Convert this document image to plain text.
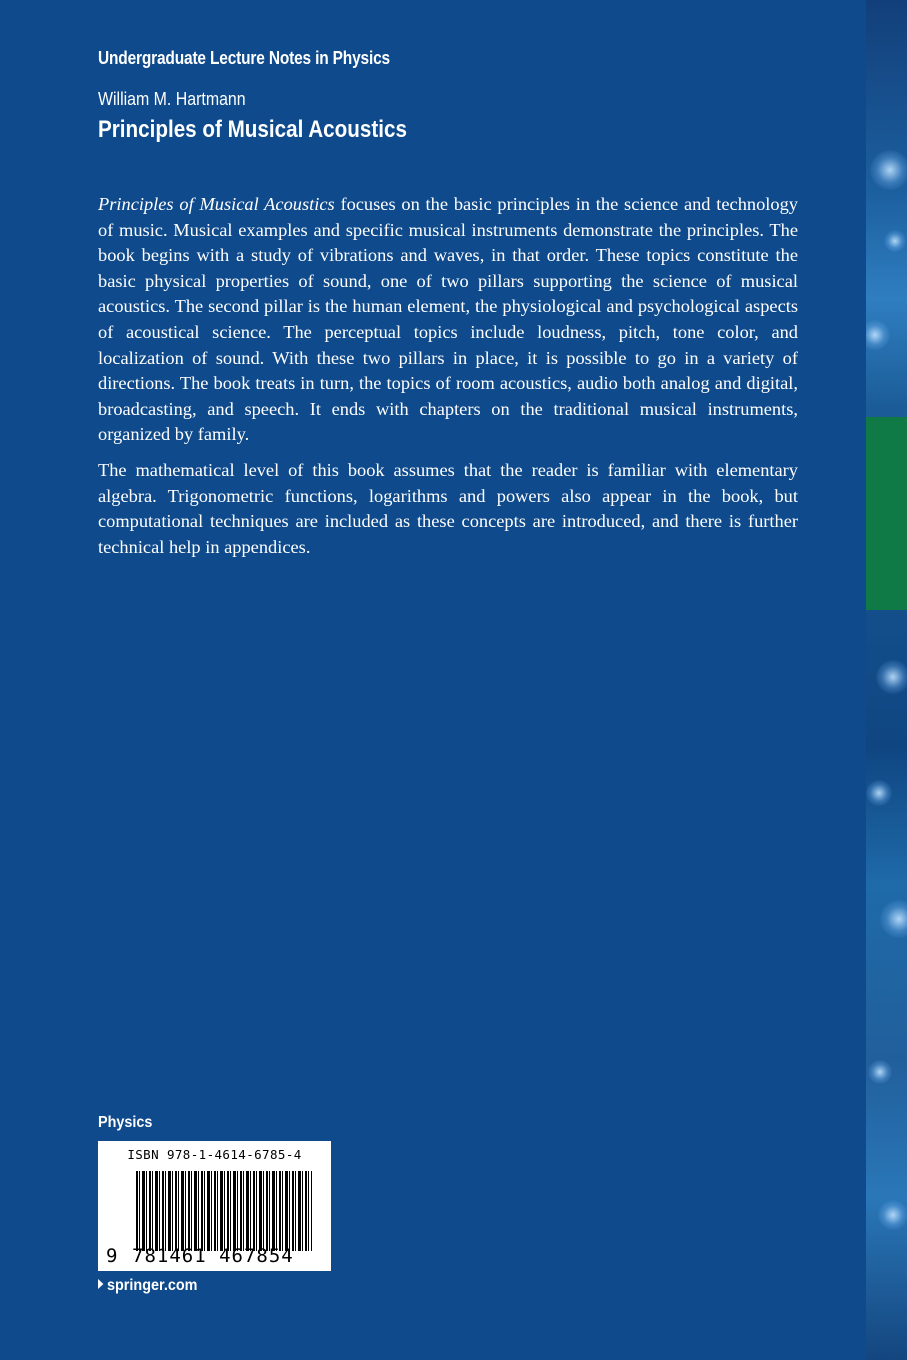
Undergraduate Lecture Notes in Physics
William M. Hartmann
Principles of Musical Acoustics

Principles of Musical Acoustics focuses on the basic principles in the science and technology of music. Musical examples and specific musical instruments demonstrate the principles. The book begins with a study of vibrations and waves, in that order. These topics constitute the basic physical properties of sound, one of two pillars supporting the science of musical acoustics. The second pillar is the human element, the physiological and psychological aspects of acoustical science. The perceptual topics include loudness, pitch, tone color, and localization of sound. With these two pillars in place, it is possible to go in a variety of directions. The book treats in turn, the topics of room acoustics, audio both analog and digital, broadcasting, and speech. It ends with chapters on the traditional musical instruments, organized by family.

The mathematical level of this book assumes that the reader is familiar with elementary algebra. Trigonometric functions, logarithms and powers also appear in the book, but computational techniques are included as these concepts are introduced, and there is further technical help in appendices.

Physics
ISBN 978-1-4614-6785-4
9 781461 467854
springer.com
